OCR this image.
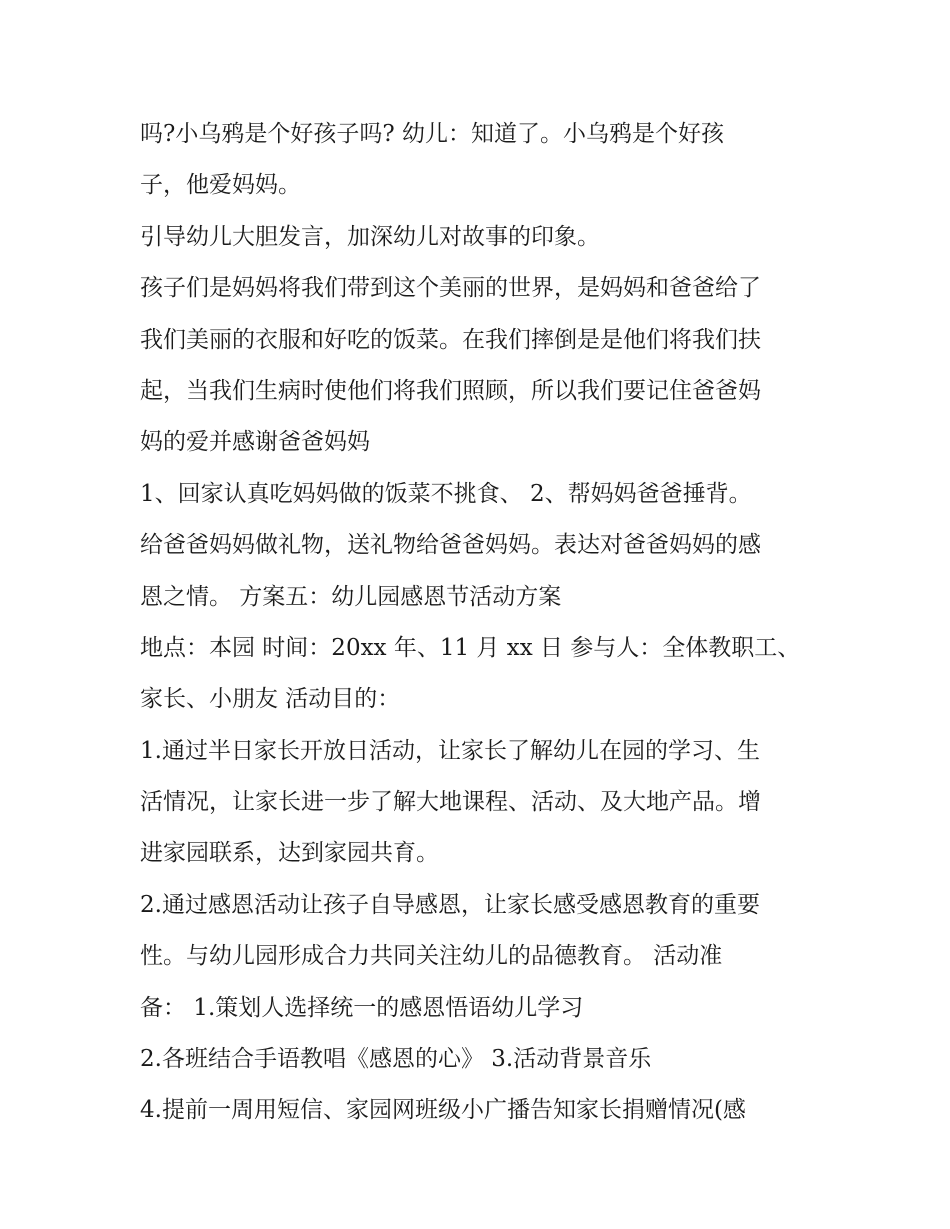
吗?小乌鸦是个好孩子吗? 幼儿：知道了。小乌鸦是个好孩

子，他爱妈妈。

引导幼儿大胆发言，加深幼儿对故事的印象。

孩子们是妈妈将我们带到这个美丽的世界，是妈妈和爸爸给了

我们美丽的衣服和好吃的饭菜。在我们摔倒是是他们将我们扶

起，当我们生病时使他们将我们照顾，所以我们要记住爸爸妈

妈的爱并感谢爸爸妈妈

1、回家认真吃妈妈做的饭菜不挑食、 2、帮妈妈爸爸捶背。

给爸爸妈妈做礼物，送礼物给爸爸妈妈。表达对爸爸妈妈的感

恩之情。 方案五：幼儿园感恩节活动方案

地点：本园 时间：20xx 年、11 月 xx 日 参与人：全体教职工、

家长、小朋友 活动目的：

1.通过半日家长开放日活动，让家长了解幼儿在园的学习、生

活情况，让家长进一步了解大地课程、活动、及大地产品。增

进家园联系，达到家园共育。

2.通过感恩活动让孩子自导感恩，让家长感受感恩教育的重要

性。与幼儿园形成合力共同关注幼儿的品德教育。 活动准

备： 1.策划人选择统一的感恩悟语幼儿学习

2.各班结合手语教唱《感恩的心》 3.活动背景音乐

4.提前一周用短信、家园网班级小广播告知家长捐赠情况(感
